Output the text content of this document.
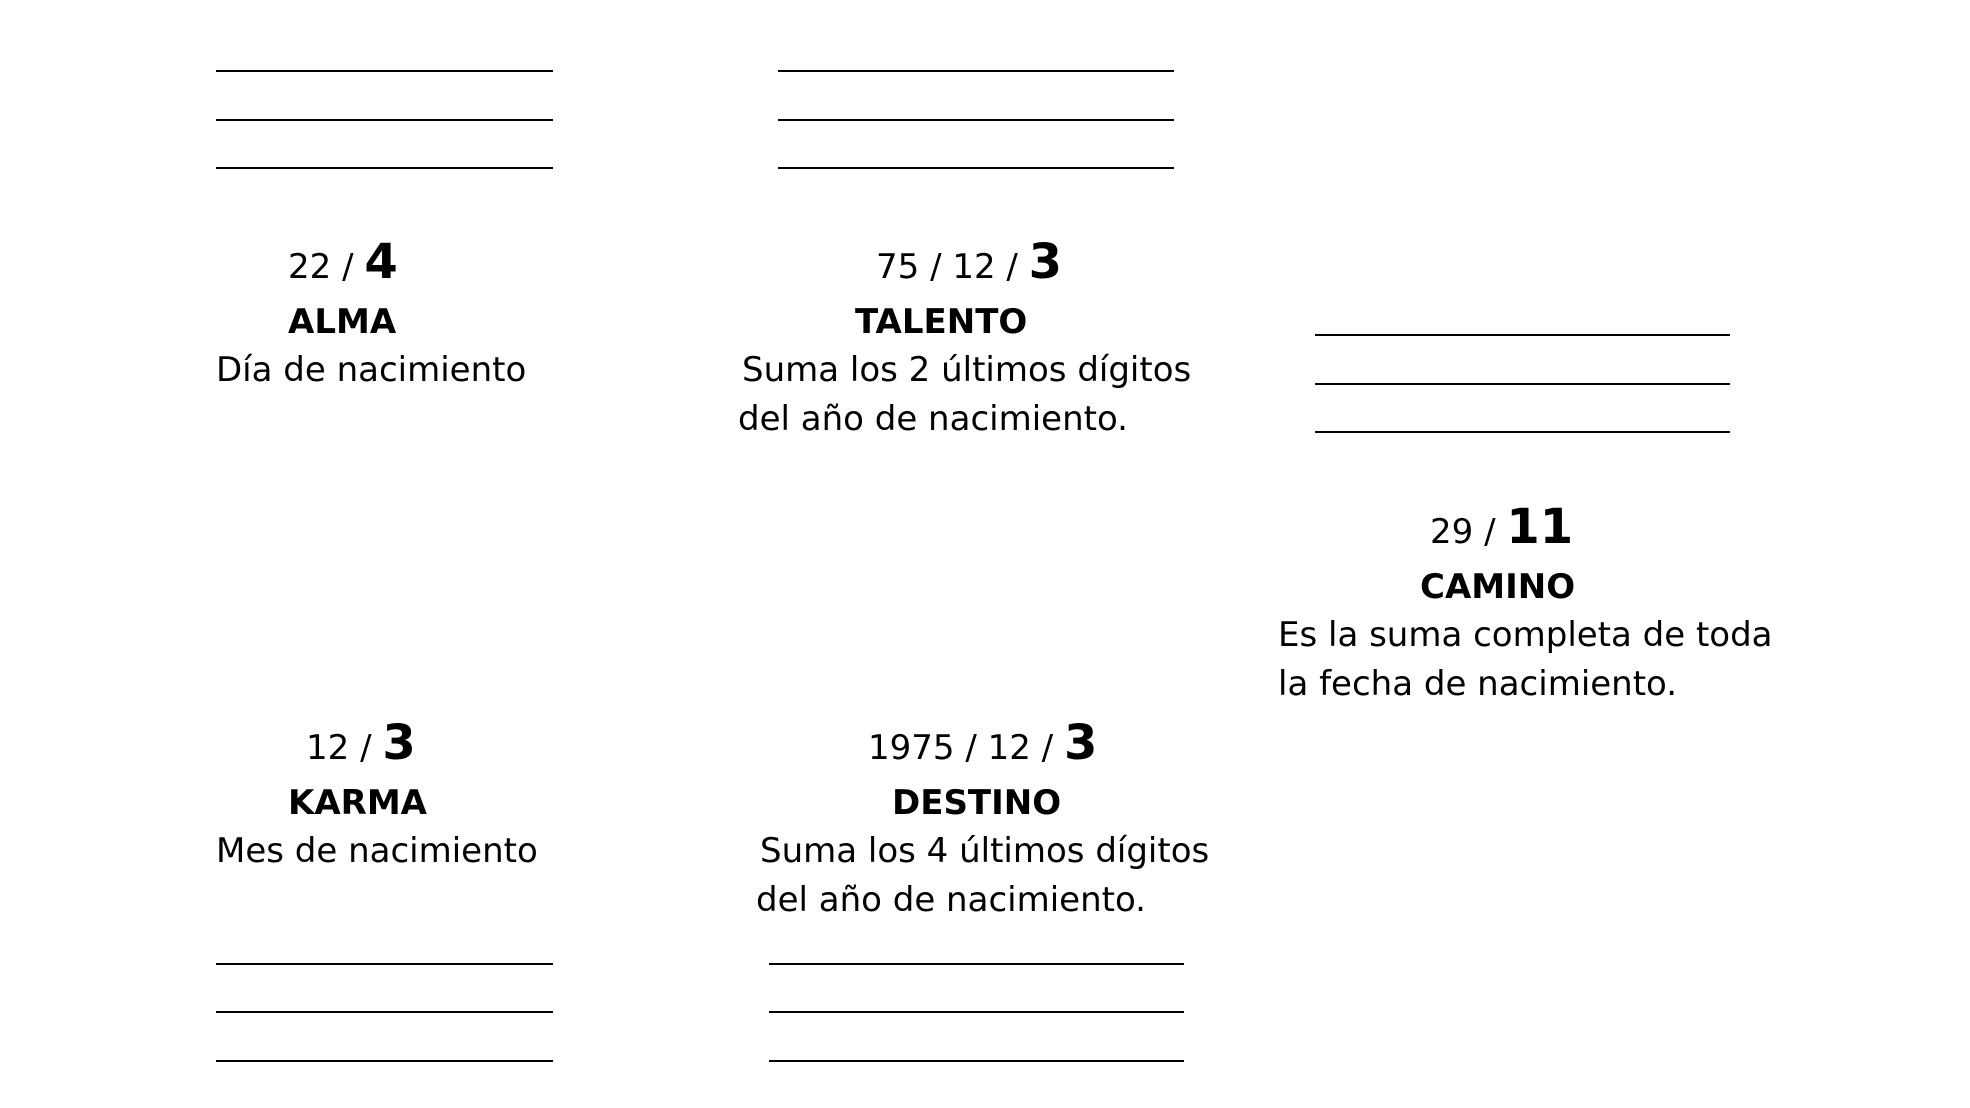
22 / 4
ALMA
Día de nacimiento
75 / 12 / 3
TALENTO
Suma los 2 últimos dígitos
del año de nacimiento.
29 / 11
CAMINO
Es la suma completa de toda
la fecha de nacimiento.
12 / 3
KARMA
Mes de nacimiento
1975 / 12 / 3
DESTINO
Suma los 4 últimos dígitos
del año de nacimiento.
